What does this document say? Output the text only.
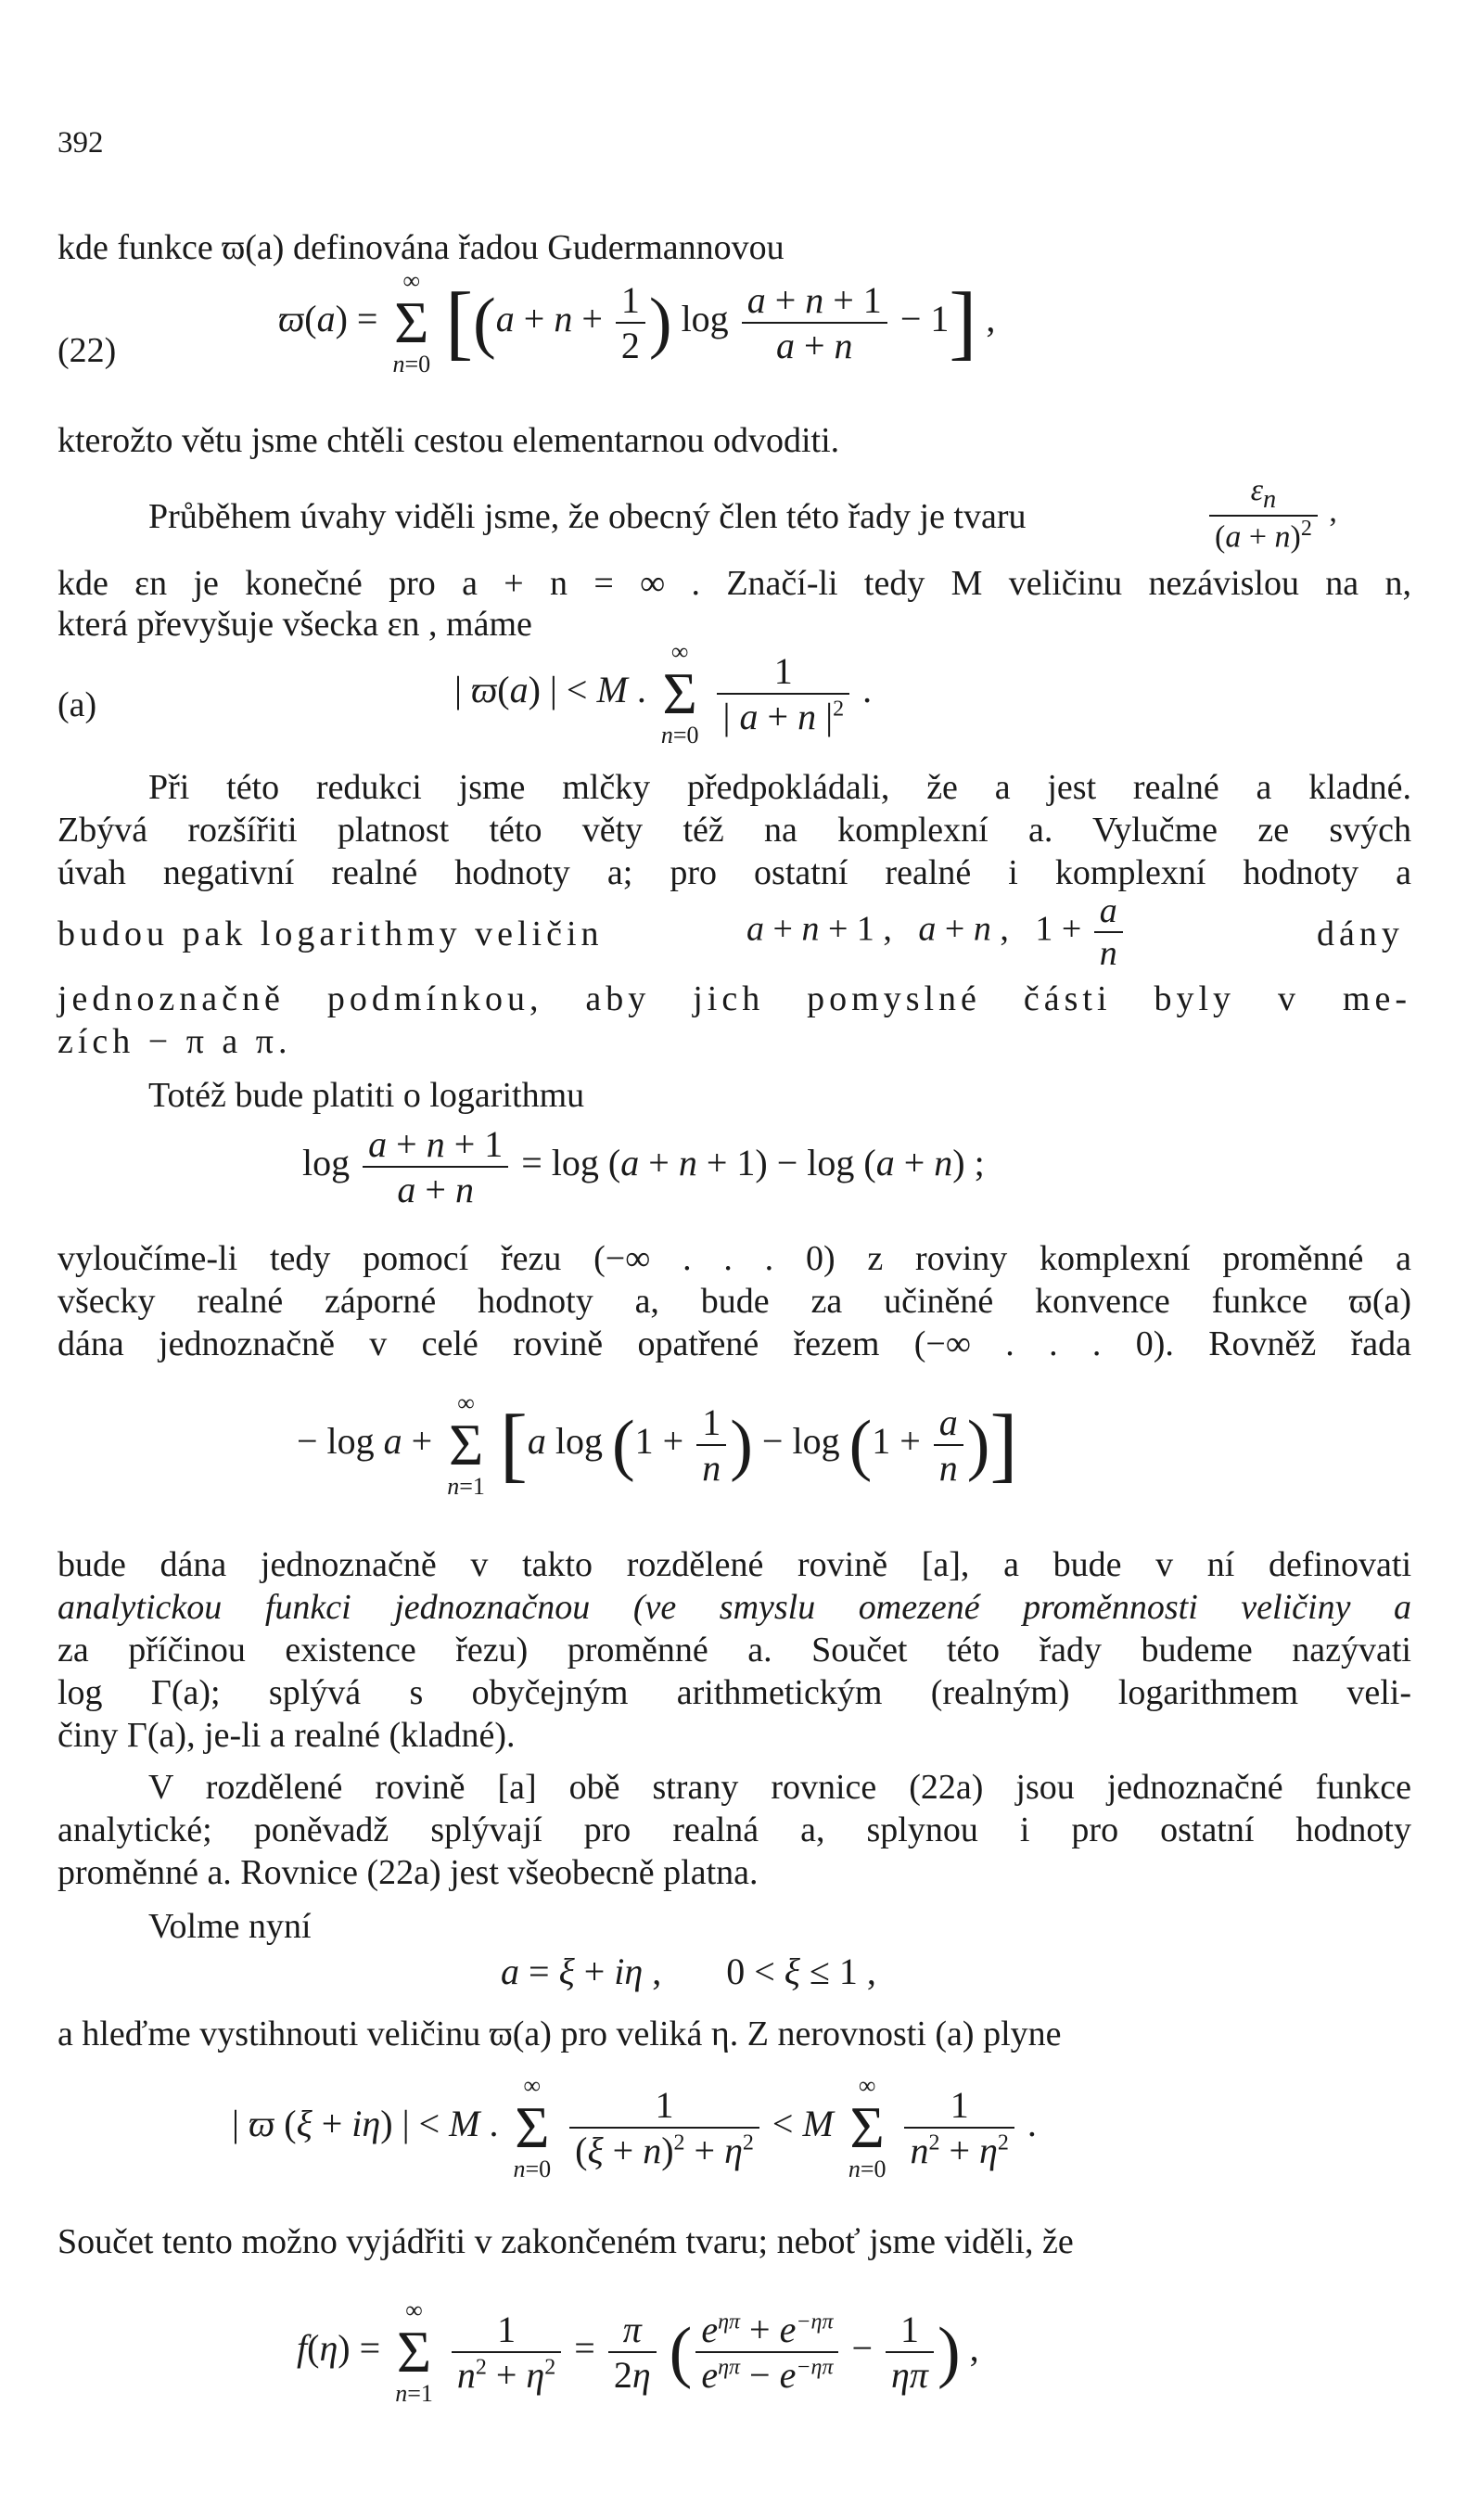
392
kde funkce ϖ(a) definována řadou Gudermannovou
(22)
ϖ(a) =
∞
Σ
n=0 [($a + n + \frac{1}{2}$ ) $\log \frac{a + n + 1}{a + n} - 1$] ,
kterožto větu jsme chtěli cestou elementarnou odvoditi.
Průběhem úvahy viděli jsme, že obecný člen této řady je tvaru	$\frac{\varepsilon_n}{(a + n)^2}$ ,
kde εn je konečné pro a + n = ∞ . Značí-li tedy M veličinu nezávislou na n,
která převyšuje všecka εn , máme
(a)	| ϖ(a) | < M .
∞
Σ
n=0
$\frac{1}{| a + n |^2}$ .
Při této redukci jsme mlčky předpokládali, že a jest realné a kladné.
Zbývá rozšířiti platnost této věty též na komplexní a. Vylučme ze svých
úvah negativní realné hodnoty a; pro ostatní realné i komplexní hodnoty a
budou pak logarithmy veličin	a + n + 1 ,   a + n ,   $1 + \frac{a}{n}$	dány
jednoznačně podmínkou, aby jich pomyslné části byly v me-
zích − π a π.
Totéž bude platiti o logarithmu
$\log \frac{a + n + 1}{a + n} = \log (a + n + 1) - \log (a + n)$ ;
vyloučíme-li tedy pomocí řezu (−∞ . . . 0) z roviny komplexní proměnné a
všecky realné záporné hodnoty a, bude za učiněné konvence funkce ϖ(a)
dána jednoznačně v celé rovině opatřené řezem (−∞ . . . 0). Rovněž řada
− log a +
∞
Σ
n=1 [a $\log (1 + \frac{1}{n}$ ) − $\log (1 + \frac{a}{n}$ )]
bude dána jednoznačně v takto rozdělené rovině [a], a bude v ní definovati
analytickou funkci jednoznačnou (ve smyslu omezené proměnnosti veličiny a
za příčinou existence řezu) proměnné a. Součet této řady budeme nazývati
log Γ(a); splývá s obyčejným arithmetickým (realným) logarithmem veli-
činy Γ(a), je-li a realné (kladné).
V rozdělené rovině [a] obě strany rovnice (22a) jsou jednoznačné funkce
analytické; poněvadž splývají pro realná a, splynou i pro ostatní hodnoty
proměnné a. Rovnice (22a) jest všeobecně platna.
Volme nyní
a = ξ + iη ,       0 < ξ ≤ 1 ,
a hleďme vystihnouti veličinu ϖ(a) pro veliká η. Z nerovnosti (a) plyne
| ϖ (ξ + iη) | < M .
∞
Σ
n=0
$\frac{1}{(\xi + n)^2 + \eta^2} < M$
∞
Σ
n=0
$\frac{1}{n^2 + \eta^2}$ .
Součet tento možno vyjádřiti v zakončeném tvaru; neboť jsme viděli, že
f(η) =
∞
Σ
n=1
$\frac{1}{n^2 + \eta^2} = \frac{\pi}{2\eta}$ ( $\frac{e^{\eta\pi} + e^{-\eta\pi}}{e^{\eta\pi} - e^{-\eta\pi}} - \frac{1}{\eta\pi}$ ) ,
